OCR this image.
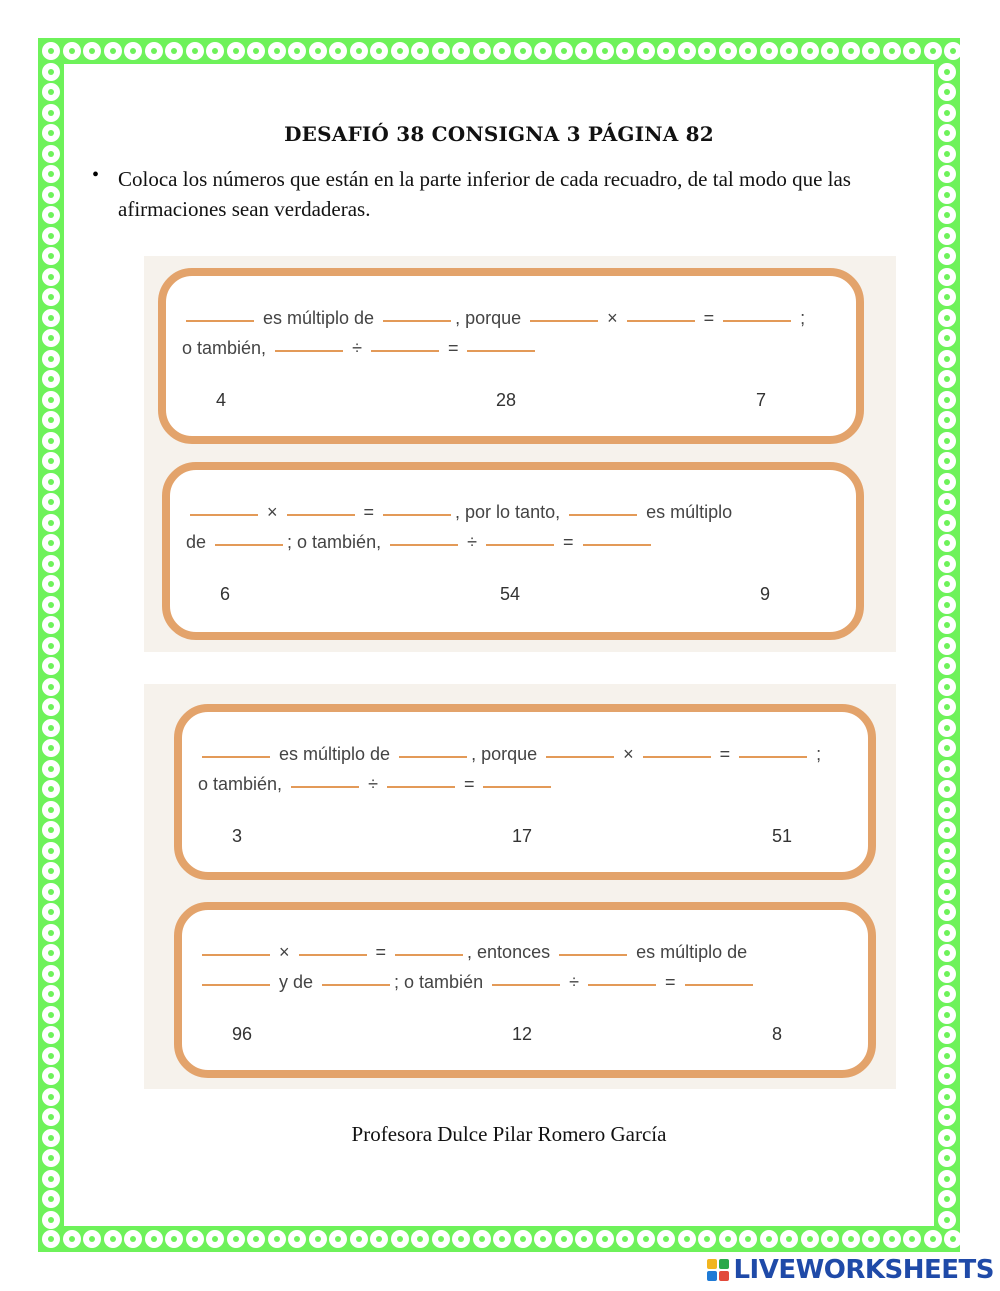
DESAFIÓ 38 CONSIGNA 3 PÁGINA 82
• Coloca los números que están en la parte inferior de cada recuadro, de tal modo que las afirmaciones sean verdaderas.
es múltiplo de	, porque	×	=	;
o también,	÷	=
4	28	7
×	=	, por lo tanto,	es múltiplo
de	; o también,	÷	=
6	54	9
es múltiplo de	, porque	×	=	;
o también,	÷	=
3	17	51
×	=	, entonces	es múltiplo de
y de	; o también	÷	=
96	12	8
Profesora Dulce Pilar Romero García
LIVEWORKSHEETS
